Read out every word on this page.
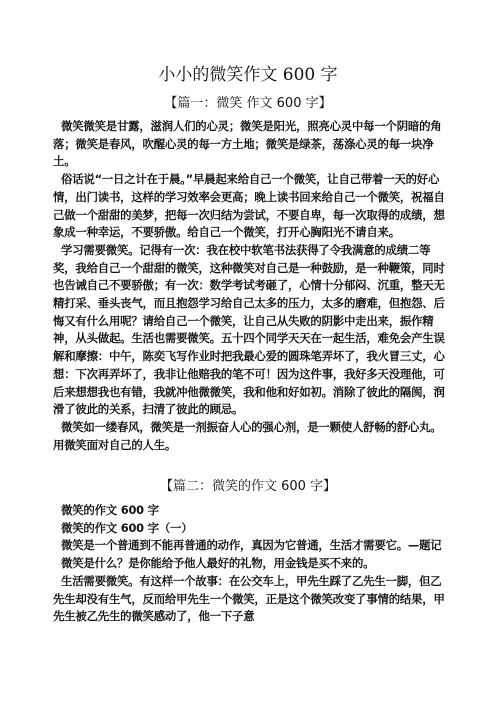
小小的微笑作文 600 字
【篇一：微笑 作文 600 字】

微笑微笑是甘露，滋润人们的心灵；微笑是阳光，照亮心灵中每一个阴暗的角落；微笑是春风，吹醒心灵的每一方土地；微笑是绿茶，荡涤心灵的每一块净土。

俗话说“一日之计在于晨。”早晨起来给自己一个微笑，让自己带着一天的好心情，出门读书，这样的学习效率会更高；晚上读书回来给自己一个微笑，祝福自己做一个甜甜的美梦，把每一次归结为尝试，不要自卑，每一次取得的成绩，想象成一种幸运，不要骄傲。给自己一个微笑，打开心胸阳光不请自来。

学习需要微笑。记得有一次：我在校中软笔书法获得了令我满意的成绩二等奖，我给自己一个甜甜的微笑，这种微笑对自己是一种鼓励，是一种鞭策，同时也告诫自己不要骄傲；有一次：数学考试考砸了，心情十分郁闷、沉重，整天无精打采、垂头丧气，而且抱怨学习给自己太多的压力，太多的磨难，但抱怨、后悔又有什么用呢？请给自己一个微笑，让自己从失败的阴影中走出来，振作精神，从头做起。生活也需要微笑。五十四个同学天天在一起生活，难免会产生误解和摩擦：中午，陈奕飞写作业时把我最心爱的圆珠笔弄坏了，我火冒三丈，心想：下次再弄坏了，我非让他赔我的笔不可！因为这件事，我好多天没理他，可后来想想我也有错，我就冲他微微笑，我和他和好如初。消除了彼此的隔阂，润滑了彼此的关系，扫清了彼此的顾忌。

微笑如一缕春风，微笑是一剂振奋人心的强心剂，是一颗使人舒畅的舒心丸。用微笑面对自己的人生。

【篇二：微笑的作文 600 字】

微笑的作文 600 字

微笑的作文 600 字（一）

微笑是一个普通到不能再普通的动作，真因为它普通，生活才需要它。—题记

微笑是什么？是你能给予他人最好的礼物，用金钱是买不来的。

生活需要微笑。有这样一个故事：在公交车上，甲先生踩了乙先生一脚，但乙先生却没有生气，反而给甲先生一个微笑，正是这个微笑改变了事情的结果，甲先生被乙先生的微笑感动了，他一下子意
